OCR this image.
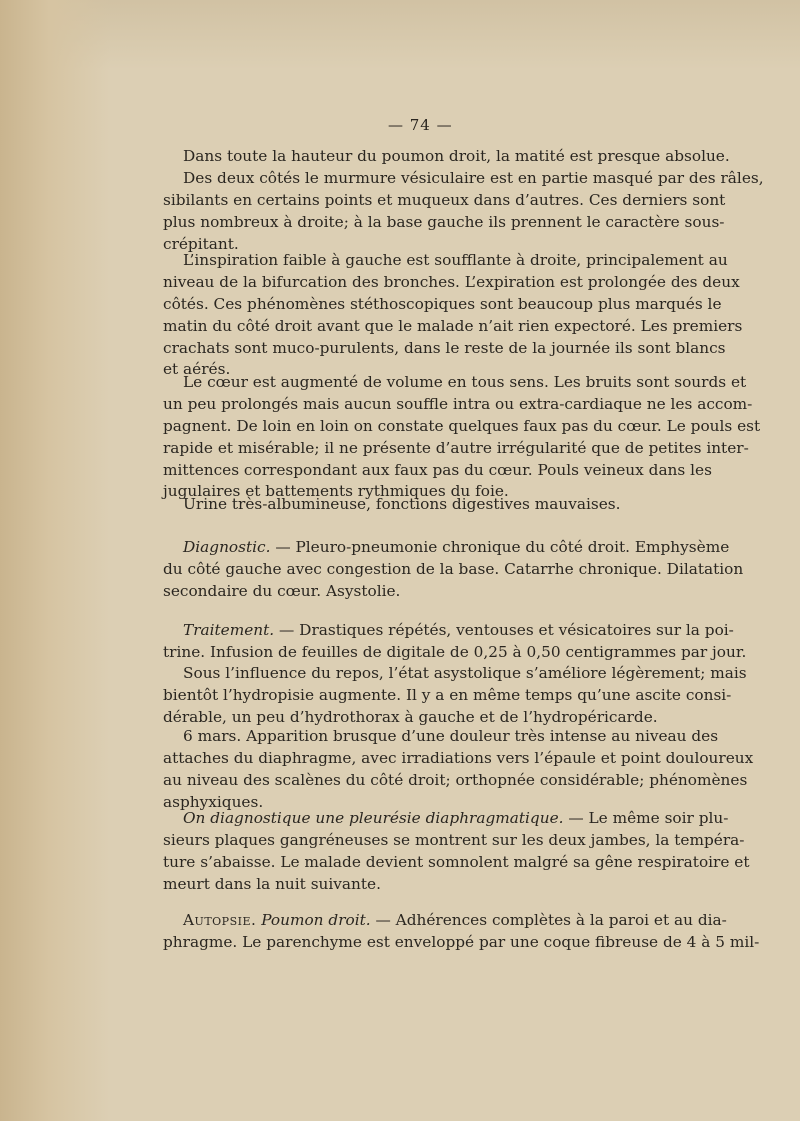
— 74 —
Dans toute la hauteur du poumon droit, la matité est presque absolue.
Des deux côtés le murmure vésiculaire est en partie masqué par des râles,
sibilants en certains points et muqueux dans d’autres. Ces derniers sont
plus nombreux à droite; à la base gauche ils prennent le caractère sous-
crépitant.
L’inspiration faible à gauche est soufflante à droite, principalement au
niveau de la bifurcation des bronches. L’expiration est prolongée des deux
côtés. Ces phénomènes stéthoscopiques sont beaucoup plus marqués le
matin du côté droit avant que le malade n’ait rien expectoré. Les premiers
crachats sont muco-purulents, dans le reste de la journée ils sont blancs
et aérés.
Le cœur est augmenté de volume en tous sens. Les bruits sont sourds et
un peu prolongés mais aucun souffle intra ou extra-cardiaque ne les accom-
pagnent. De loin en loin on constate quelques faux pas du cœur. Le pouls est
rapide et misérable; il ne présente d’autre irrégularité que de petites inter-
mittences correspondant aux faux pas du cœur. Pouls veineux dans les
jugulaires et battements rythmiques du foie.
Urine très-albumineuse, fonctions digestives mauvaises.
Diagnostic. — Pleuro-pneumonie chronique du côté droit. Emphysème
du côté gauche avec congestion de la base. Catarrhe chronique. Dilatation
secondaire du cœur. Asystolie.
Traitement. — Drastiques répétés, ventouses et vésicatoires sur la poi-
trine. Infusion de feuilles de digitale de 0,25 à 0,50 centigrammes par jour.
Sous l’influence du repos, l’état asystolique s’améliore légèrement; mais
bientôt l’hydropisie augmente. Il y a en même temps qu’une ascite consi-
dérable, un peu d’hydrothorax à gauche et de l’hydropéricarde.
6 mars. Apparition brusque d’une douleur très intense au niveau des
attaches du diaphragme, avec irradiations vers l’épaule et point douloureux
au niveau des scalènes du côté droit; orthopnée considérable; phénomènes
asphyxiques.
On diagnostique une pleurésie diaphragmatique. — Le même soir plu-
sieurs plaques gangréneuses se montrent sur les deux jambes, la tempéra-
ture s’abaisse. Le malade devient somnolent malgré sa gêne respiratoire et
meurt dans la nuit suivante.
Autopsie. Poumon droit. — Adhérences complètes à la paroi et au dia-
phragme. Le parenchyme est enveloppé par une coque fibreuse de 4 à 5 mil-
